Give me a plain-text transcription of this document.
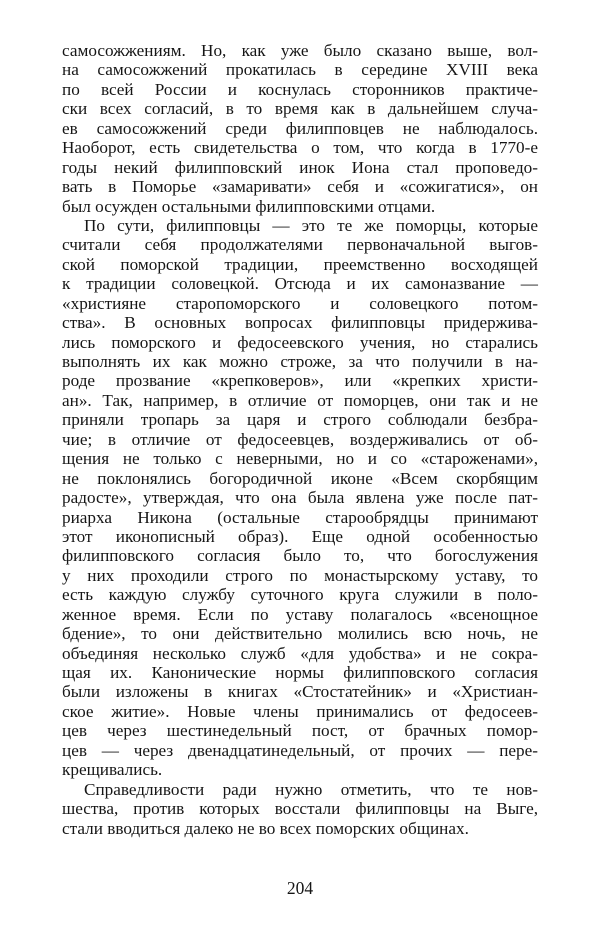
самосожжениям. Но, как уже было сказано выше, вол-
на самосожжений прокатилась в середине XVIII века
по всей России и коснулась сторонников практиче-
ски всех согласий, в то время как в дальнейшем случа-
ев самосожжений среди филипповцев не наблюдалось.
Наоборот, есть свидетельства о том, что когда в 1770-е
годы некий филипповский инок Иона стал проповедо-
вать в Поморье «замаривати» себя и «сожигатися», он
был осужден остальными филипповскими отцами.
По сути, филипповцы — это те же поморцы, которые
считали себя продолжателями первоначальной выгов-
ской поморской традиции, преемственно восходящей
к традиции соловецкой. Отсюда и их самоназвание —
«християне старопоморского и соловецкого потом-
ства». В основных вопросах филипповцы придержива-
лись поморского и федосеевского учения, но старались
выполнять их как можно строже, за что получили в на-
роде прозвание «крепковеров», или «крепких христи-
ан». Так, например, в отличие от поморцев, они так и не
приняли тропарь за царя и строго соблюдали безбра-
чие; в отличие от федосеевцев, воздерживались от об-
щения не только с неверными, но и со «староженами»,
не поклонялись богородичной иконе «Всем скорбящим
радосте», утверждая, что она была явлена уже после пат-
риарха Никона (остальные старообрядцы принимают
этот иконописный образ). Еще одной особенностью
филипповского согласия было то, что богослужения
у них проходили строго по монастырскому уставу, то
есть каждую службу суточного круга служили в поло-
женное время. Если по уставу полагалось «всенощное
бдение», то они действительно молились всю ночь, не
объединяя несколько служб «для удобства» и не сокра-
щая их. Канонические нормы филипповского согласия
были изложены в книгах «Стостатейник» и «Христиан-
ское житие». Новые члены принимались от федосеев-
цев через шестинедельный пост, от брачных помор-
цев — через двенадцатинедельный, от прочих — пере-
крещивались.
Справедливости ради нужно отметить, что те нов-
шества, против которых восстали филипповцы на Выге,
стали вводиться далеко не во всех поморских общинах.
204
